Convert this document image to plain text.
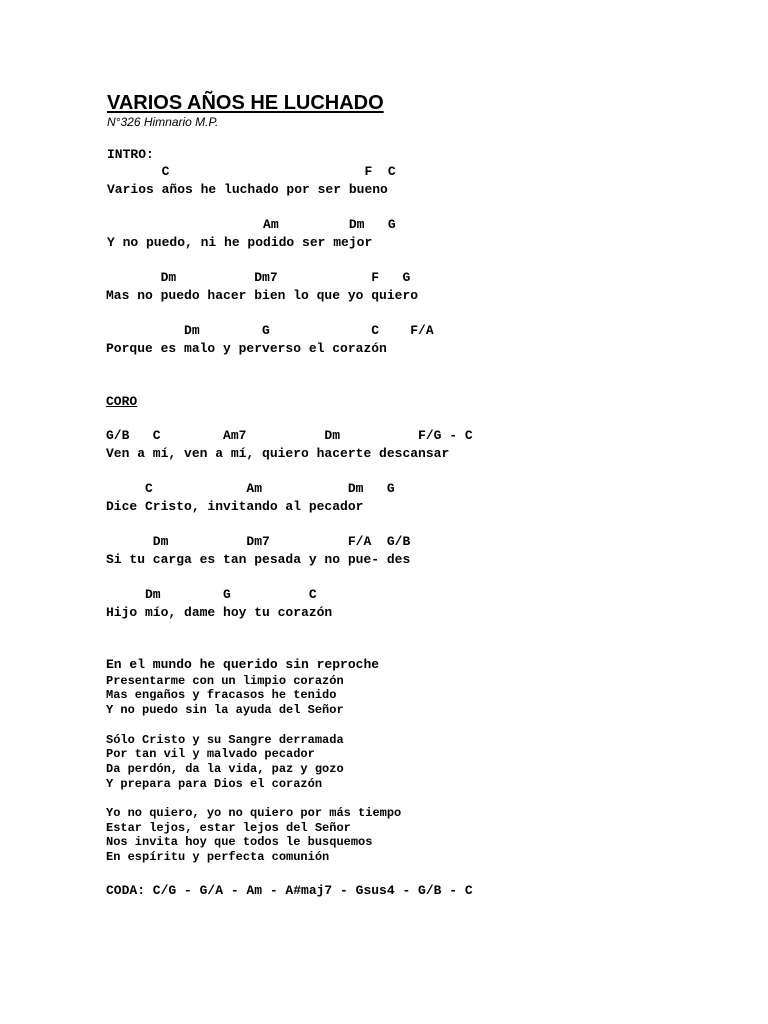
VARIOS AÑOS HE LUCHADO
N°326 Himnario M.P.
INTRO:
C                         F  C
Varios años he luchado por ser bueno
Am         Dm   G
Y no puedo, ni he podido ser mejor
Dm          Dm7            F   G
Mas no puedo hacer bien lo que yo quiero
Dm        G             C    F/A
Porque es malo y perverso el corazón
CORO
G/B   C        Am7          Dm          F/G - C
Ven a mí, ven a mí, quiero hacerte descansar
C            Am           Dm   G
Dice Cristo, invitando al pecador
Dm          Dm7          F/A  G/B
Si tu carga es tan pesada y no pue- des
Dm        G          C
Hijo mío, dame hoy tu corazón
En el mundo he querido sin reproche
Presentarme con un limpio corazón
Mas engaños y fracasos he tenido
Y no puedo sin la ayuda del Señor
Sólo Cristo y su Sangre derramada
Por tan vil y malvado pecador
Da perdón, da la vida, paz y gozo
Y prepara para Dios el corazón
Yo no quiero, yo no quiero por más tiempo
Estar lejos, estar lejos del Señor
Nos invita hoy que todos le busquemos
En espíritu y perfecta comunión
CODA: C/G - G/A - Am - A#maj7 - Gsus4 - G/B - C
